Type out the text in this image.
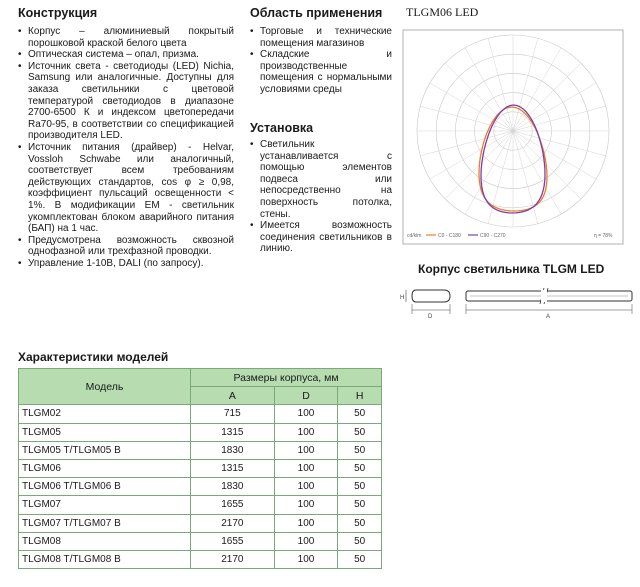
Конструкция
• Корпус – алюминиевый покрытый порошковой краской белого цвета
• Оптическая система – опал, призма.
• Источник света - светодиоды (LED) Nichia, Samsung или аналогичные. Доступны для заказа светильники с цветовой температурой светодиодов в диапазоне 2700-6500 К и индексом цветопередачи Ra70-95, в соответствии со спецификацией производителя LED.
• Источник питания (драйвер) - Helvar, Vossloh Schwabe или аналогичный, соответствует всем требованиям действующих стандартов, cos φ ≥ 0,98, коэффициент пульсаций освещенности < 1%. В модификации ЕМ - светильник укомплектован блоком аварийного питания (БАП) на 1 час.
• Предусмотрена возможность сквозной однофазной или трехфазной проводки.
• Управление 1-10В, DALI (по запросу).
Область применения
• Торговые и технические помещения магазинов
• Складские и производственные помещения с нормальными условиями среды
Установка
• Светильник устанавливается с помощью элементов подвеса или непосредственно на поверхность потолка, стены.
• Имеется возможность соединения светильников в линию.
TLGM06 LED
cd/klm	C0 - C180	C90 - C270	η = 78%
Корпус светильника TLGM LED
H
D	A
Характеристики моделей
Модель	Размеры корпуса, мм		
	A	D	H
TLGM02	715	100	50
TLGM05	1315	100	50
TLGM05 T/TLGM05 B	1830	100	50
TLGM06	1315	100	50
TLGM06 T/TLGM06 B	1830	100	50
TLGM07	1655	100	50
TLGM07 T/TLGM07 B	2170	100	50
TLGM08	1655	100	50
TLGM08 T/TLGM08 B	2170	100	50
